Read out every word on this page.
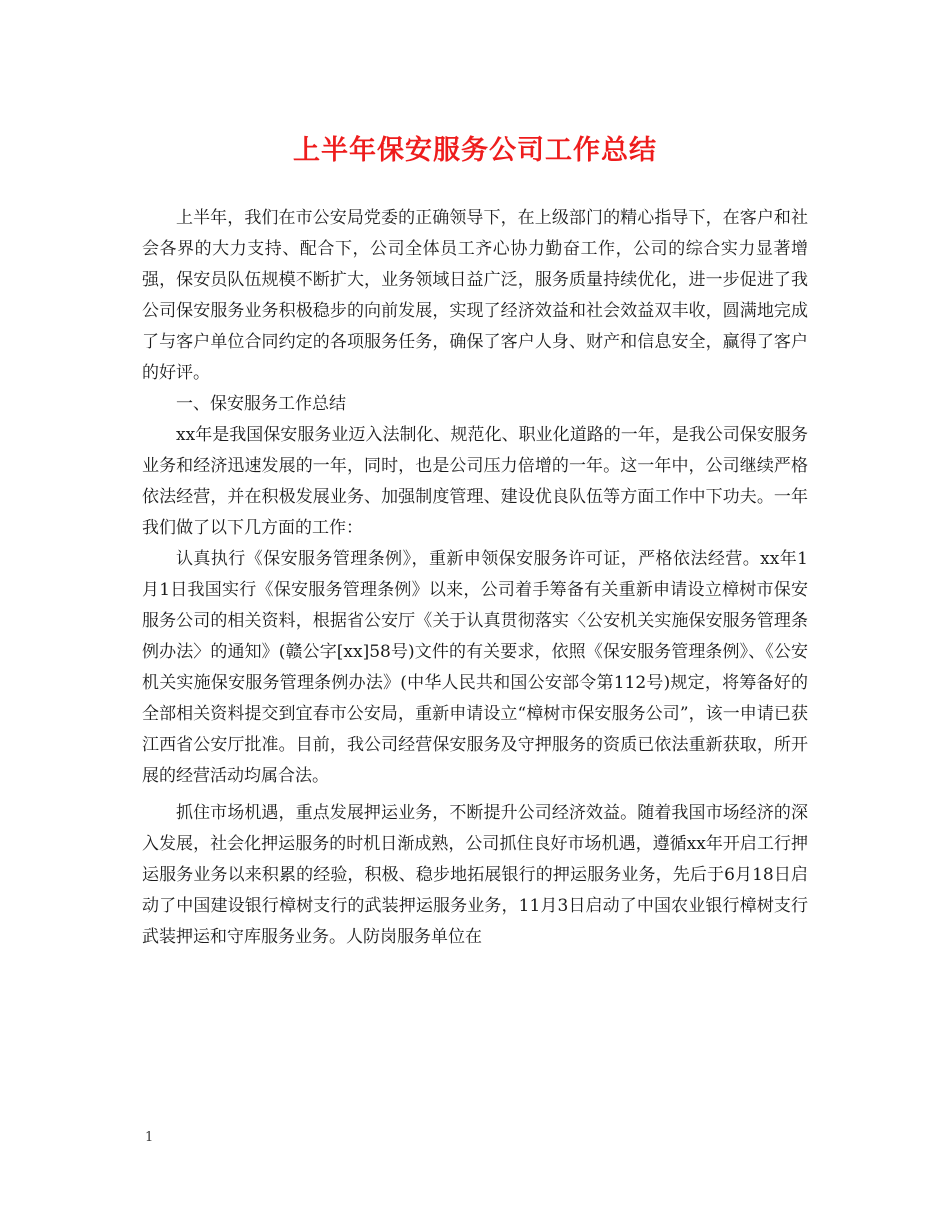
上半年保安服务公司工作总结

上半年，我们在市公安局党委的正确领导下，在上级部门的精心指导下，在客户和社会各界的大力支持、配合下，公司全体员工齐心协力勤奋工作，公司的综合实力显著增强，保安员队伍规模不断扩大，业务领域日益广泛，服务质量持续优化，进一步促进了我公司保安服务业务积极稳步的向前发展，实现了经济效益和社会效益双丰收，圆满地完成了与客户单位合同约定的各项服务任务，确保了客户人身、财产和信息安全，赢得了客户的好评。

一、保安服务工作总结

xx年是我国保安服务业迈入法制化、规范化、职业化道路的一年，是我公司保安服务业务和经济迅速发展的一年，同时，也是公司压力倍增的一年。这一年中，公司继续严格依法经营，并在积极发展业务、加强制度管理、建设优良队伍等方面工作中下功夫。一年我们做了以下几方面的工作：

认真执行《保安服务管理条例》，重新申领保安服务许可证，严格依法经营。xx年1月1日我国实行《保安服务管理条例》以来，公司着手筹备有关重新申请设立樟树市保安服务公司的相关资料，根据省公安厅《关于认真贯彻落实〈公安机关实施保安服务管理条例办法〉的通知》(赣公字[xx]58号)文件的有关要求，依照《保安服务管理条例》、《公安机关实施保安服务管理条例办法》(中华人民共和国公安部令第112号)规定，将筹备好的全部相关资料提交到宜春市公安局，重新申请设立“樟树市保安服务公司”，该一申请已获江西省公安厅批准。目前，我公司经营保安服务及守押服务的资质已依法重新获取，所开展的经营活动均属合法。

抓住市场机遇，重点发展押运业务，不断提升公司经济效益。随着我国市场经济的深入发展，社会化押运服务的时机日渐成熟，公司抓住良好市场机遇，遵循xx年开启工行押运服务业务以来积累的经验，积极、稳步地拓展银行的押运服务业务，先后于6月18日启动了中国建设银行樟树支行的武装押运服务业务，11月3日启动了中国农业银行樟树支行武装押运和守库服务业务。人防岗服务单位在

1
